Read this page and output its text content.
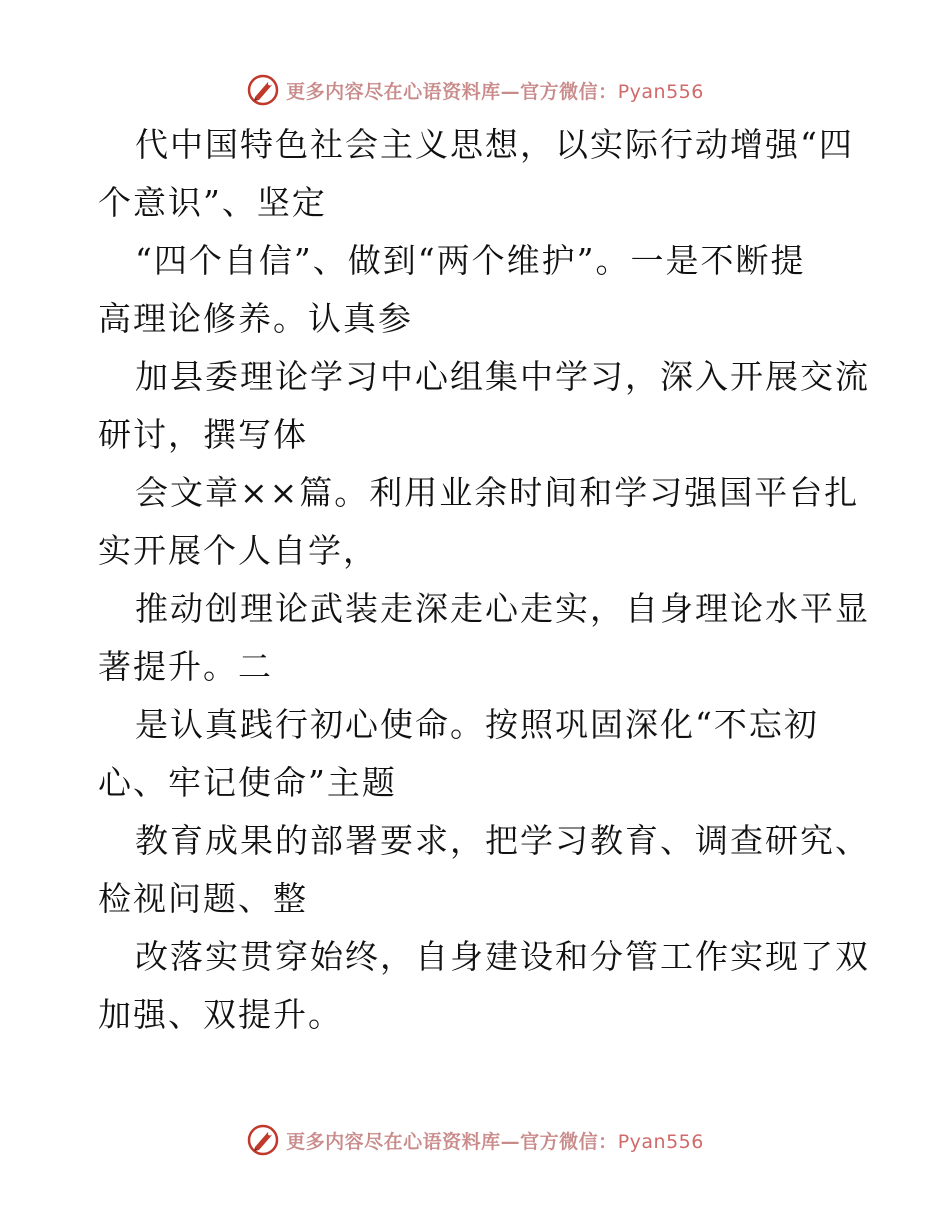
更多内容尽在心语资料库—官方微信：Pyan556
代中国特色社会主义思想，以实际行动增强“四
个意识”、坚定
“四个自信”、做到“两个维护”。一是不断提
高理论修养。认真参
加县委理论学习中心组集中学习，深入开展交流
研讨，撰写体
会文章××篇。利用业余时间和学习强国平台扎
实开展个人自学，
推动创理论武装走深走心走实，自身理论水平显
著提升。二
是认真践行初心使命。按照巩固深化“不忘初
心、牢记使命”主题
教育成果的部署要求，把学习教育、调查研究、
检视问题、整
改落实贯穿始终，自身建设和分管工作实现了双
加强、双提升。
更多内容尽在心语资料库—官方微信：Pyan556
